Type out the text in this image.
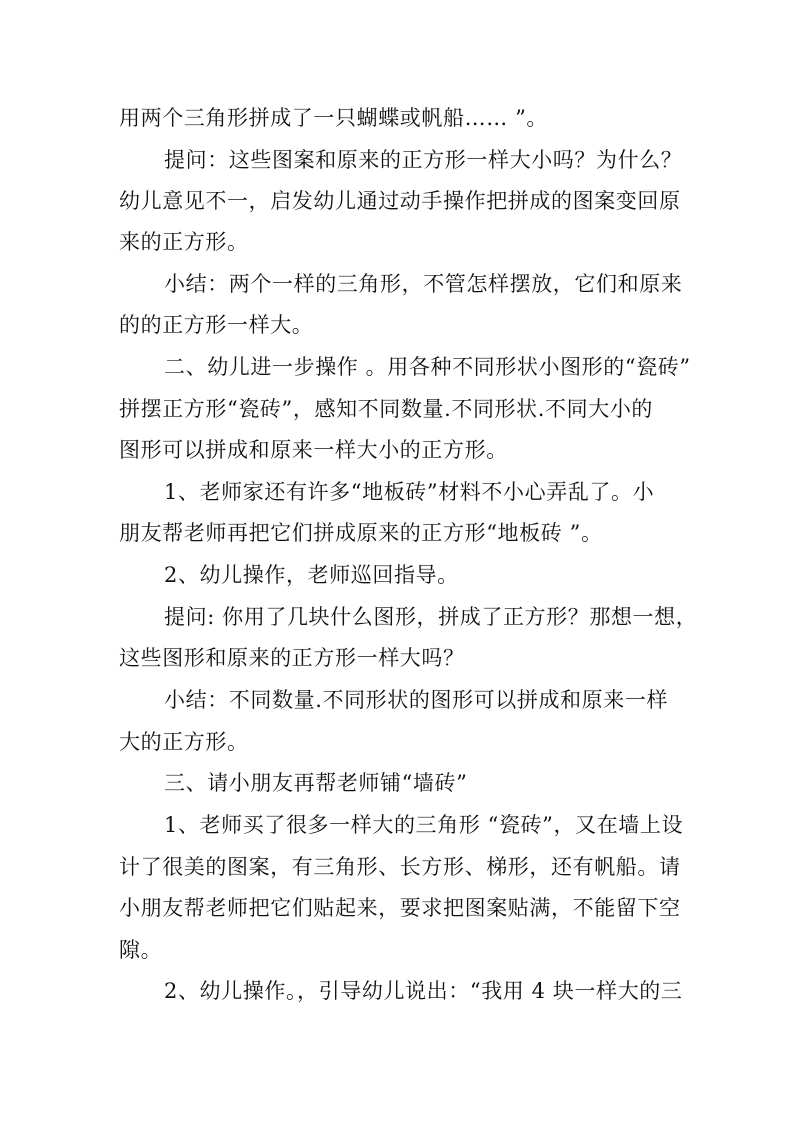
用两个三角形拼成了一只蝴蝶或帆船…… ”。
提问：这些图案和原来的正方形一样大小吗？为什么？
幼儿意见不一，启发幼儿通过动手操作把拼成的图案变回原
来的正方形。
小结：两个一样的三角形，不管怎样摆放，它们和原来
的的正方形一样大。
二、幼儿进一步操作 。用各种不同形状小图形的“瓷砖”
拼摆正方形“瓷砖”，感知不同数量.不同形状.不同大小的
图形可以拼成和原来一样大小的正方形。
1、老师家还有许多“地板砖”材料不小心弄乱了。小
朋友帮老师再把它们拼成原来的正方形“地板砖 ”。
2、幼儿操作，老师巡回指导。
提问: 你用了几块什么图形，拼成了正方形？那想一想，
这些图形和原来的正方形一样大吗？
小结：不同数量.不同形状的图形可以拼成和原来一样
大的正方形。
三、请小朋友再帮老师铺“墙砖”
1、老师买了很多一样大的三角形 “瓷砖”，又在墙上设
计了很美的图案，有三角形、长方形、梯形，还有帆船。请
小朋友帮老师把它们贴起来，要求把图案贴满，不能留下空
隙。
2、幼儿操作。，引导幼儿说出：“我用 4 块一样大的三
